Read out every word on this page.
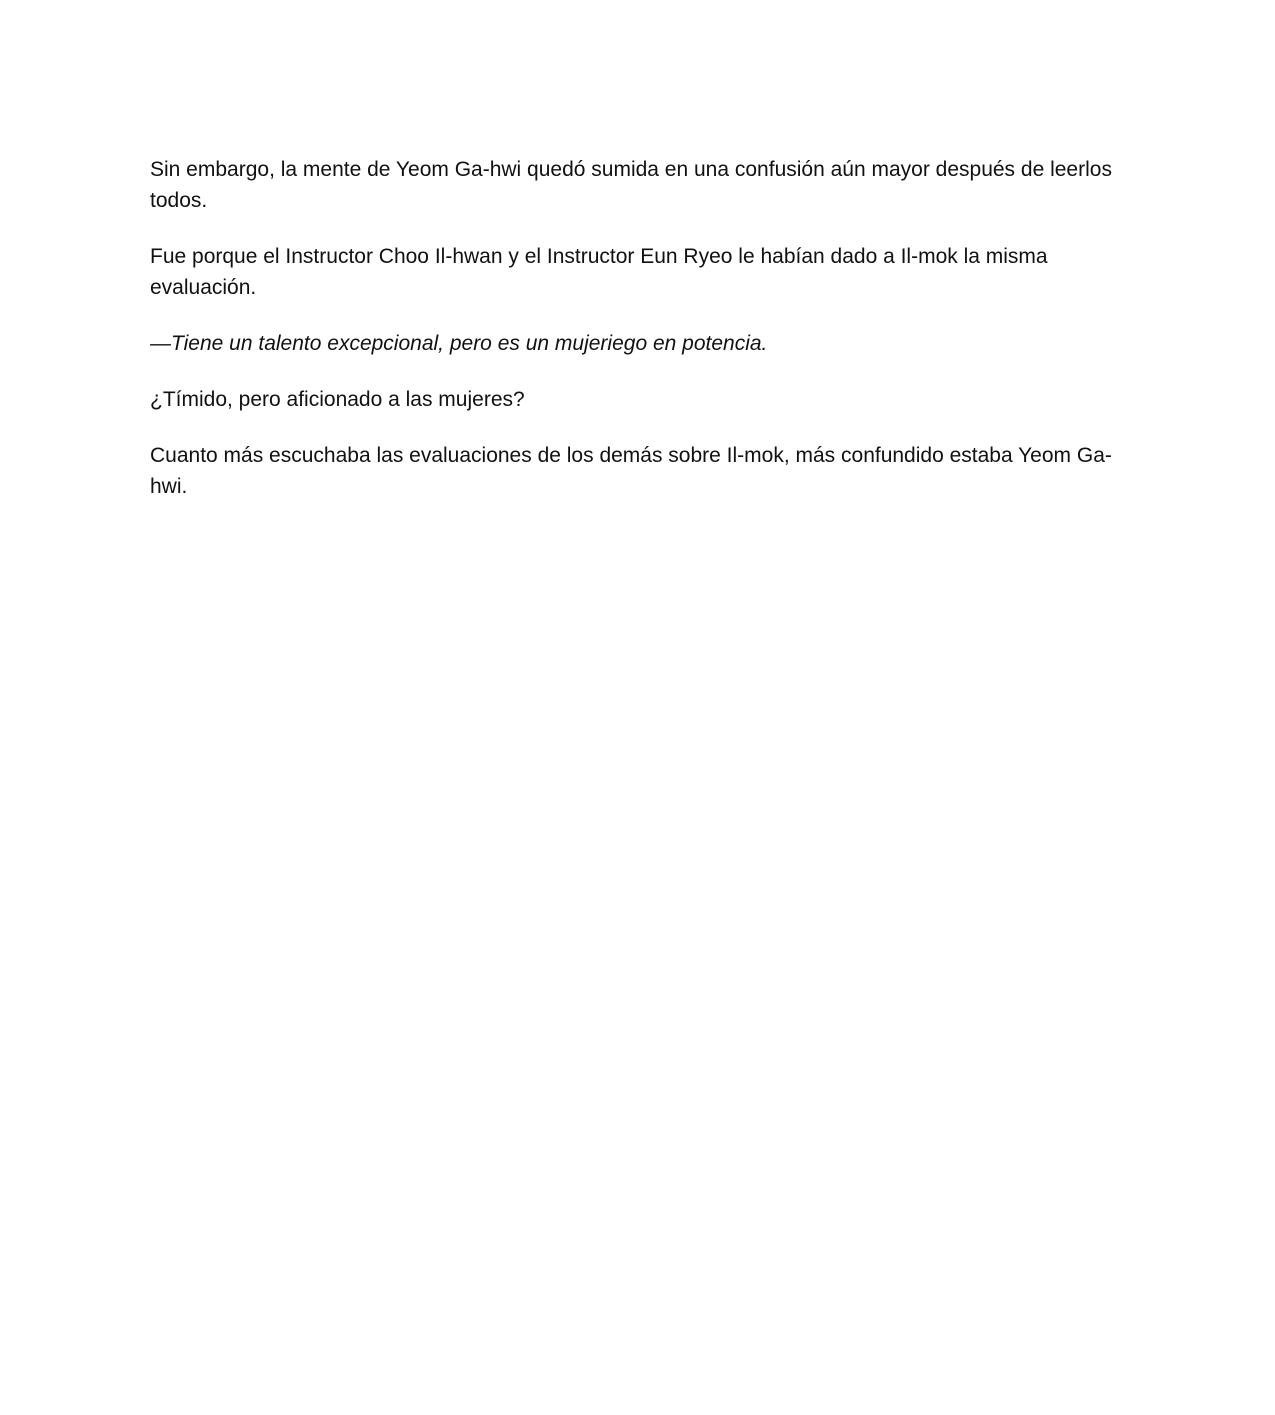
Sin embargo, la mente de Yeom Ga-hwi quedó sumida en una confusión aún mayor después de leerlos todos.

Fue porque el Instructor Choo Il-hwan y el Instructor Eun Ryeo le habían dado a Il-mok la misma evaluación.

—Tiene un talento excepcional, pero es un mujeriego en potencia.

¿Tímido, pero aficionado a las mujeres?

Cuanto más escuchaba las evaluaciones de los demás sobre Il-mok, más confundido estaba Yeom Ga-hwi.
